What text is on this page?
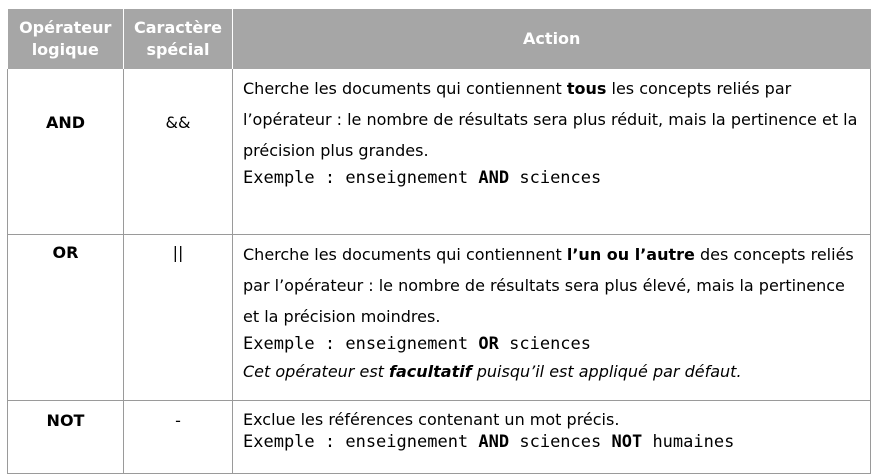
Opérateur logique	Caractère spécial	Action
AND	&&	Cherche les documents qui contiennent tous les concepts reliés par l’opérateur : le nombre de résultats sera plus réduit, mais la pertinence et la précision plus grandes.

Exemple : enseignement AND sciences

OR	||	Cherche les documents qui contiennent l’un ou l’autre des concepts reliés par l’opérateur : le nombre de résultats sera plus élevé, mais la pertinence et la précision moindres.

Exemple : enseignement OR sciences

Cet opérateur est facultatif puisqu’il est appliqué par défaut.

NOT	-	Exclue les références contenant un mot précis.

Exemple : enseignement AND sciences NOT humaines
